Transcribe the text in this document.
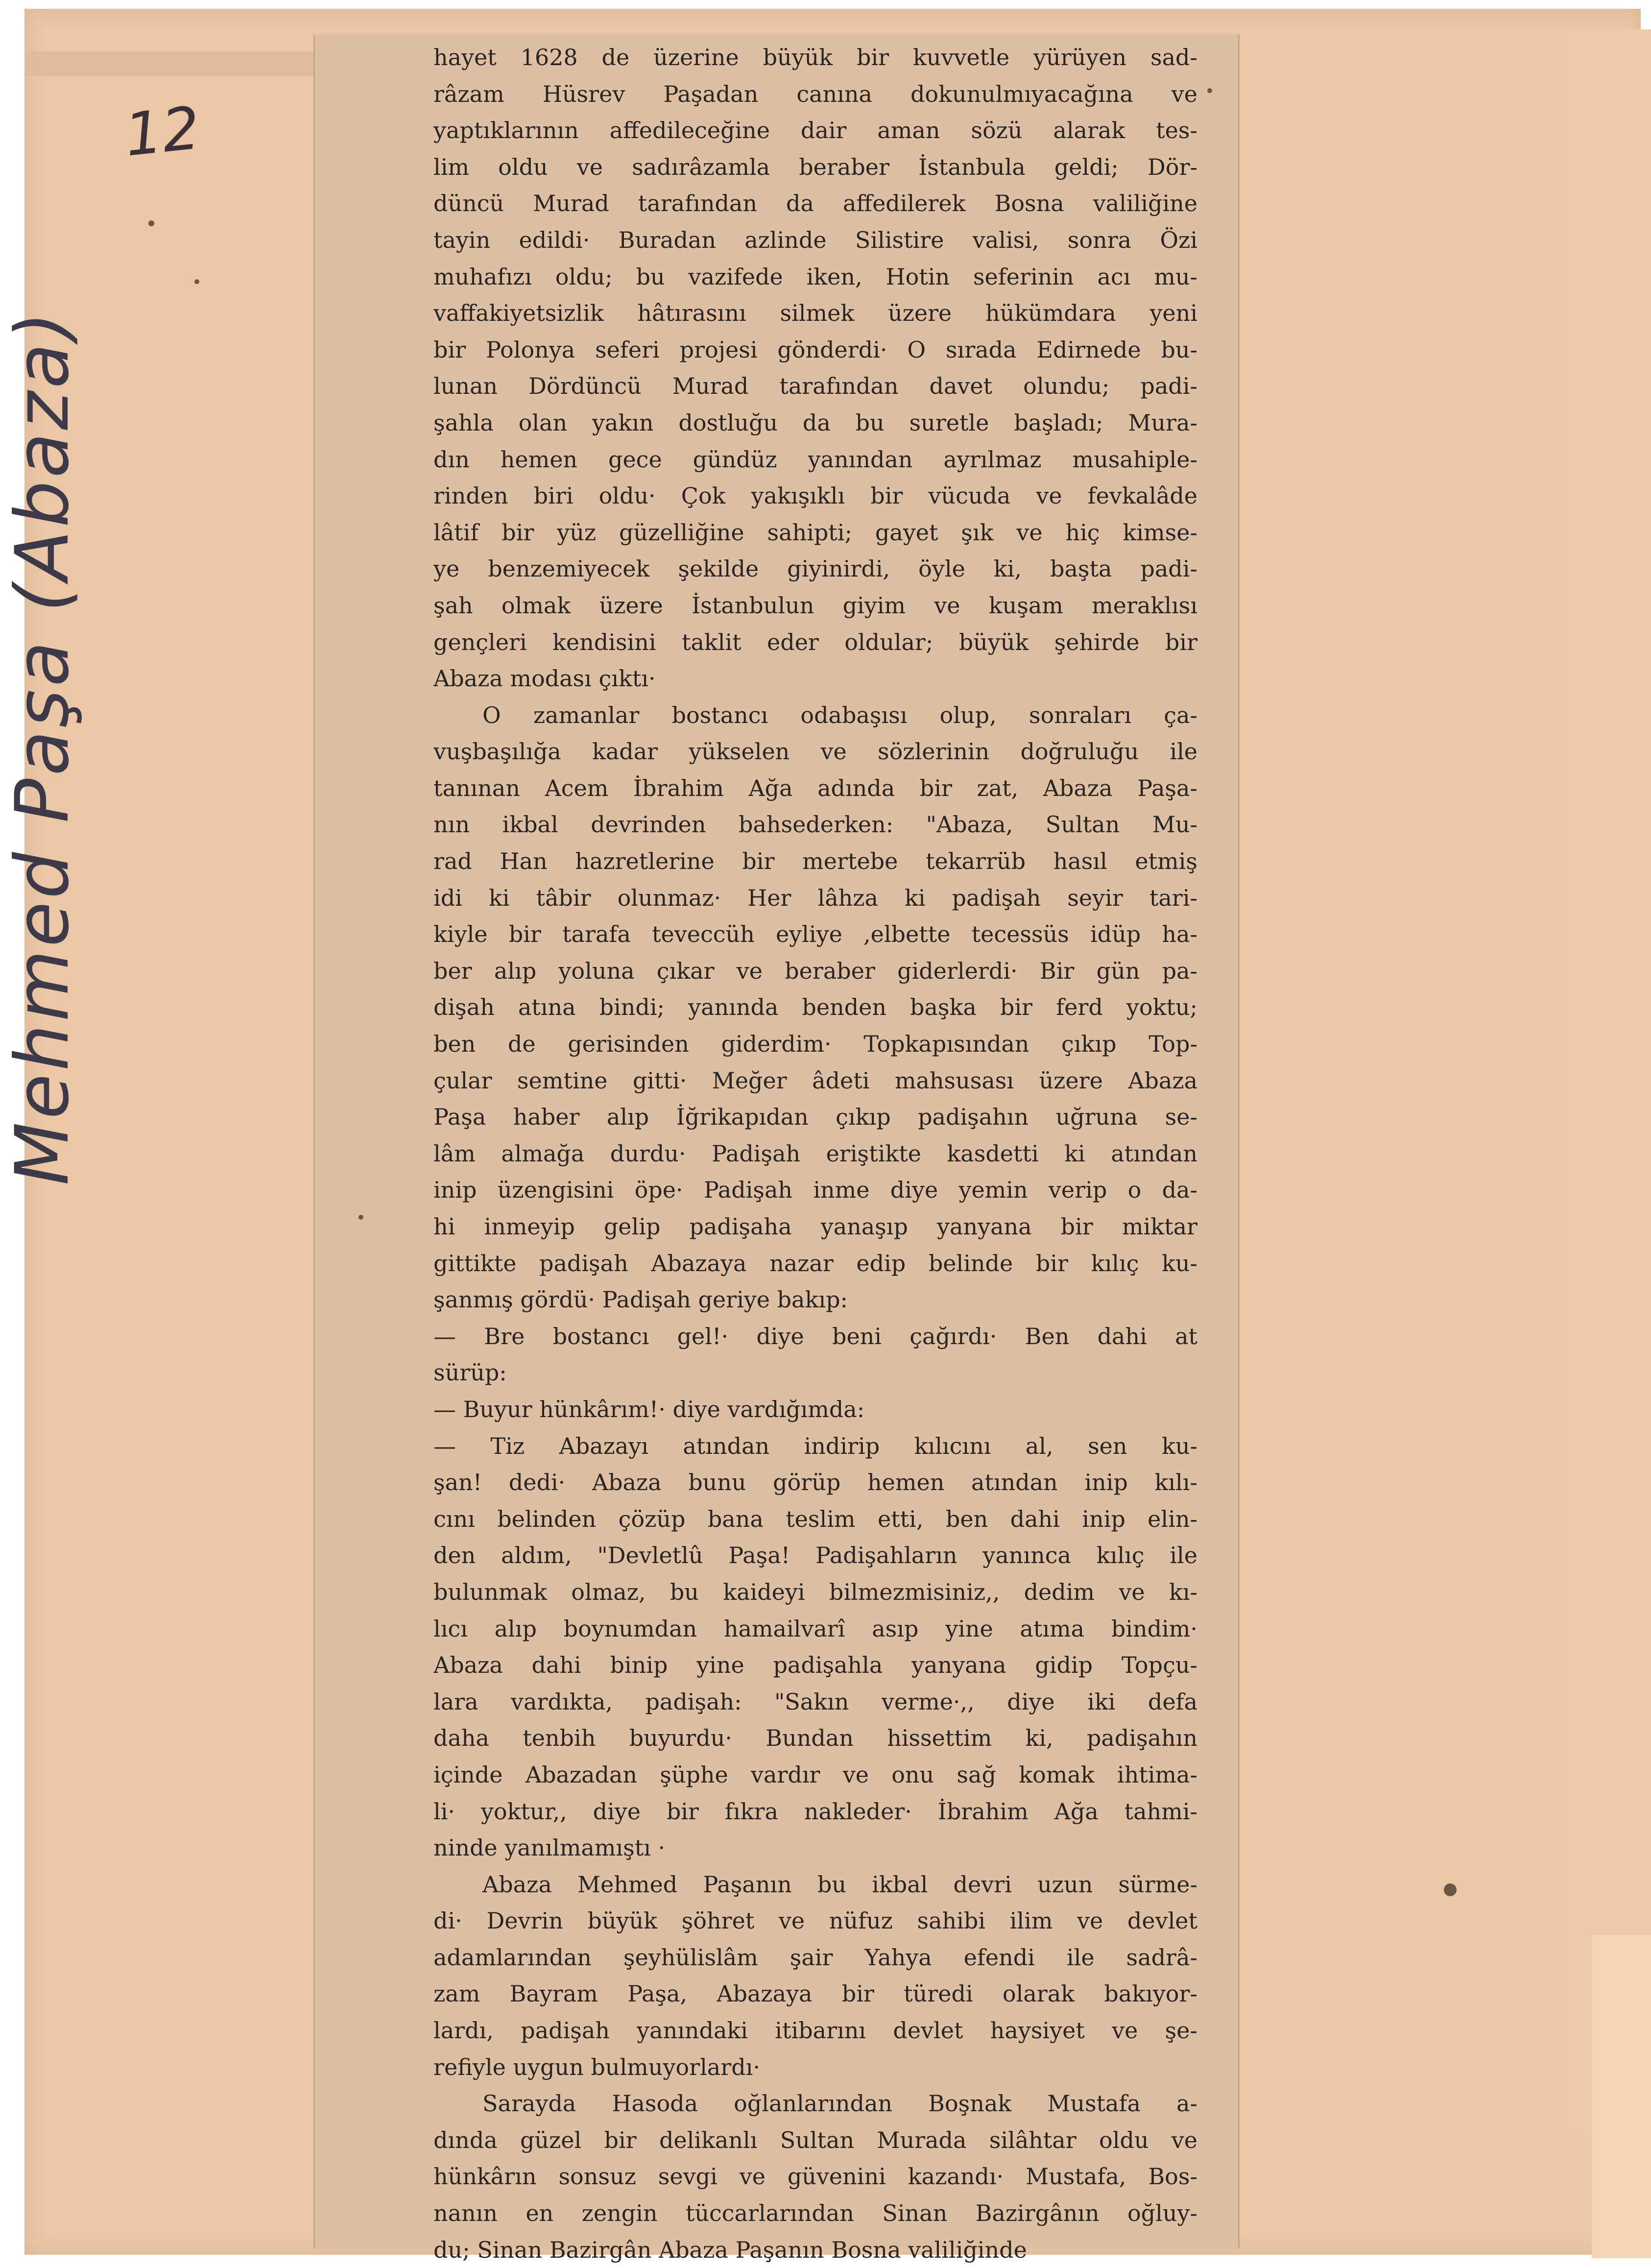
12
Mehmed Paşa (Abaza)
hayet 1628 de üzerine büyük bir kuvvetle yürüyen sad-
râzam Hüsrev Paşadan canına dokunulmıyacağına ve
yaptıklarının affedileceğine dair aman sözü alarak tes-
lim oldu ve sadırâzamla beraber İstanbula geldi; Dör-
düncü Murad tarafından da affedilerek Bosna valiliğine
tayin edildi· Buradan azlinde Silistire valisi, sonra Özi
muhafızı oldu; bu vazifede iken, Hotin seferinin acı mu-
vaffakiyetsizlik hâtırasını silmek üzere hükümdara yeni
bir Polonya seferi projesi gönderdi· O sırada Edirnede bu-
lunan Dördüncü Murad tarafından davet olundu; padi-
şahla olan yakın dostluğu da bu suretle başladı; Mura-
dın hemen gece gündüz yanından ayrılmaz musahiple-
rinden biri oldu· Çok yakışıklı bir vücuda ve fevkalâde
lâtif bir yüz güzelliğine sahipti; gayet şık ve hiç kimse-
ye benzemiyecek şekilde giyinirdi, öyle ki, başta padi-
şah olmak üzere İstanbulun giyim ve kuşam meraklısı
gençleri kendisini taklit eder oldular; büyük şehirde bir
Abaza modası çıktı·
O zamanlar bostancı odabaşısı olup, sonraları ça-
vuşbaşılığa kadar yükselen ve sözlerinin doğruluğu ile
tanınan Acem İbrahim Ağa adında bir zat, Abaza Paşa-
nın ikbal devrinden bahsederken: "Abaza, Sultan Mu-
rad Han hazretlerine bir mertebe tekarrüb hasıl etmiş
idi ki tâbir olunmaz· Her lâhza ki padişah seyir tari-
kiyle bir tarafa teveccüh eyliye ,elbette tecessüs idüp ha-
ber alıp yoluna çıkar ve beraber giderlerdi· Bir gün pa-
dişah atına bindi; yanında benden başka bir ferd yoktu;
ben de gerisinden giderdim· Topkapısından çıkıp Top-
çular semtine gitti· Meğer âdeti mahsusası üzere Abaza
Paşa haber alıp İğrikapıdan çıkıp padişahın uğruna se-
lâm almağa durdu· Padişah eriştikte kasdetti ki atından
inip üzengisini öpe· Padişah inme diye yemin verip o da-
hi inmeyip gelip padişaha yanaşıp yanyana bir miktar
gittikte padişah Abazaya nazar edip belinde bir kılıç ku-
şanmış gördü· Padişah geriye bakıp:
— Bre bostancı gel!· diye beni çağırdı· Ben dahi at
sürüp:
— Buyur hünkârım!· diye vardığımda:
— Tiz Abazayı atından indirip kılıcını al, sen ku-
şan! dedi· Abaza bunu görüp hemen atından inip kılı-
cını belinden çözüp bana teslim etti, ben dahi inip elin-
den aldım, "Devletlû Paşa! Padişahların yanınca kılıç ile
bulunmak olmaz, bu kaideyi bilmezmisiniz,, dedim ve kı-
lıcı alıp boynumdan hamailvarî asıp yine atıma bindim·
Abaza dahi binip yine padişahla yanyana gidip Topçu-
lara vardıkta, padişah: "Sakın verme·,, diye iki defa
daha tenbih buyurdu· Bundan hissettim ki, padişahın
içinde Abazadan şüphe vardır ve onu sağ komak ihtima-
li· yoktur,, diye bir fıkra nakleder· İbrahim Ağa tahmi-
ninde yanılmamıştı ·
Abaza Mehmed Paşanın bu ikbal devri uzun sürme-
di· Devrin büyük şöhret ve nüfuz sahibi ilim ve devlet
adamlarından şeyhülislâm şair Yahya efendi ile sadrâ-
zam Bayram Paşa, Abazaya bir türedi olarak bakıyor-
lardı, padişah yanındaki itibarını devlet haysiyet ve şe-
refiyle uygun bulmuyorlardı·
Sarayda Hasoda oğlanlarından Boşnak Mustafa a-
dında güzel bir delikanlı Sultan Murada silâhtar oldu ve
hünkârın sonsuz sevgi ve güvenini kazandı· Mustafa, Bos-
nanın en zengin tüccarlarından Sinan Bazirgânın oğluy-
du; Sinan Bazirgân Abaza Paşanın Bosna valiliğinde
